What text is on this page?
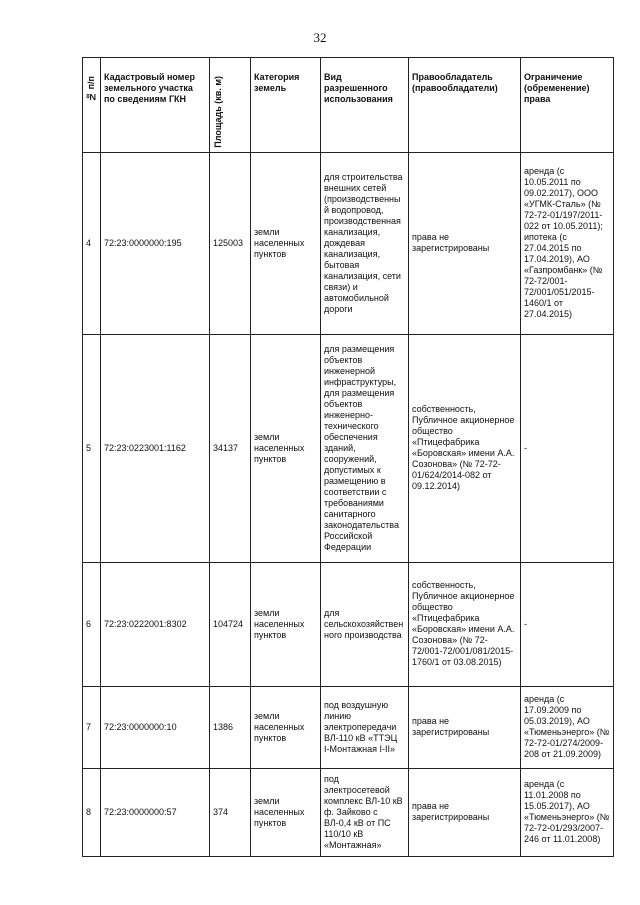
32
№ п/п	Кадастровый номер земельного участка по сведениям ГКН	Площадь (кв. м)	Категория земель	Вид разрешенного использования	Правообладатель (правообладатели)	Ограничение (обременение) права
4	72:23:0000000:195	125003	земли населенных пунктов	для строительства внешних сетей (производственный водопровод, производственная канализация, дождевая канализация, бытовая канализация, сети связи) и автомобильной дороги	права не зарегистрированы	аренда (с 10.05.2011 по 09.02.2017), ООО «УГМК-Сталь» (№ 72-72-01/197/2011-022 от 10.05.2011); ипотека (с 27.04.2015 по 17.04.2019), АО «Газпромбанк» (№ 72-72/001-72/001/051/2015-1460/1 от 27.04.2015)
5	72:23:0223001:1162	34137	земли населенных пунктов	для размещения объектов инженерной инфраструктуры, для размещения объектов инженерно-технического обеспечения зданий, сооружений, допустимых к размещению в соответствии с требованиями санитарного законодательства Российской Федерации	собственность, Публичное акционерное общество «Птицефабрика «Боровская» имени А.А. Созонова» (№ 72-72-01/624/2014-082 от 09.12.2014)	-
6	72:23:0222001:8302	104724	земли населенных пунктов	для сельскохозяйственного производства	собственность, Публичное акционерное общество «Птицефабрика «Боровская» имени А.А. Созонова» (№ 72-72/001-72/001/081/2015-1760/1 от 03.08.2015)	-
7	72:23:0000000:10	1386	земли населенных пунктов	под воздушную линию электропередачи ВЛ-110 кВ «ТТЭЦ I-Монтажная I-II»	права не зарегистрированы	аренда (с 17.09.2009 по 05.03.2019), АО «Тюменьэнерго» (№ 72-72-01/274/2009-208 от 21.09.2009)
8	72:23:0000000:57	374	земли населенных пунктов	под электросетевой комплекс ВЛ-10 кВ ф. Зайково с ВЛ-0,4 кВ от ПС 110/10 кВ «Монтажная»	права не зарегистрированы	аренда (с 11.01.2008 по 15.05.2017), АО «Тюменьэнерго» (№ 72-72-01/293/2007-246 от 11.01.2008)
